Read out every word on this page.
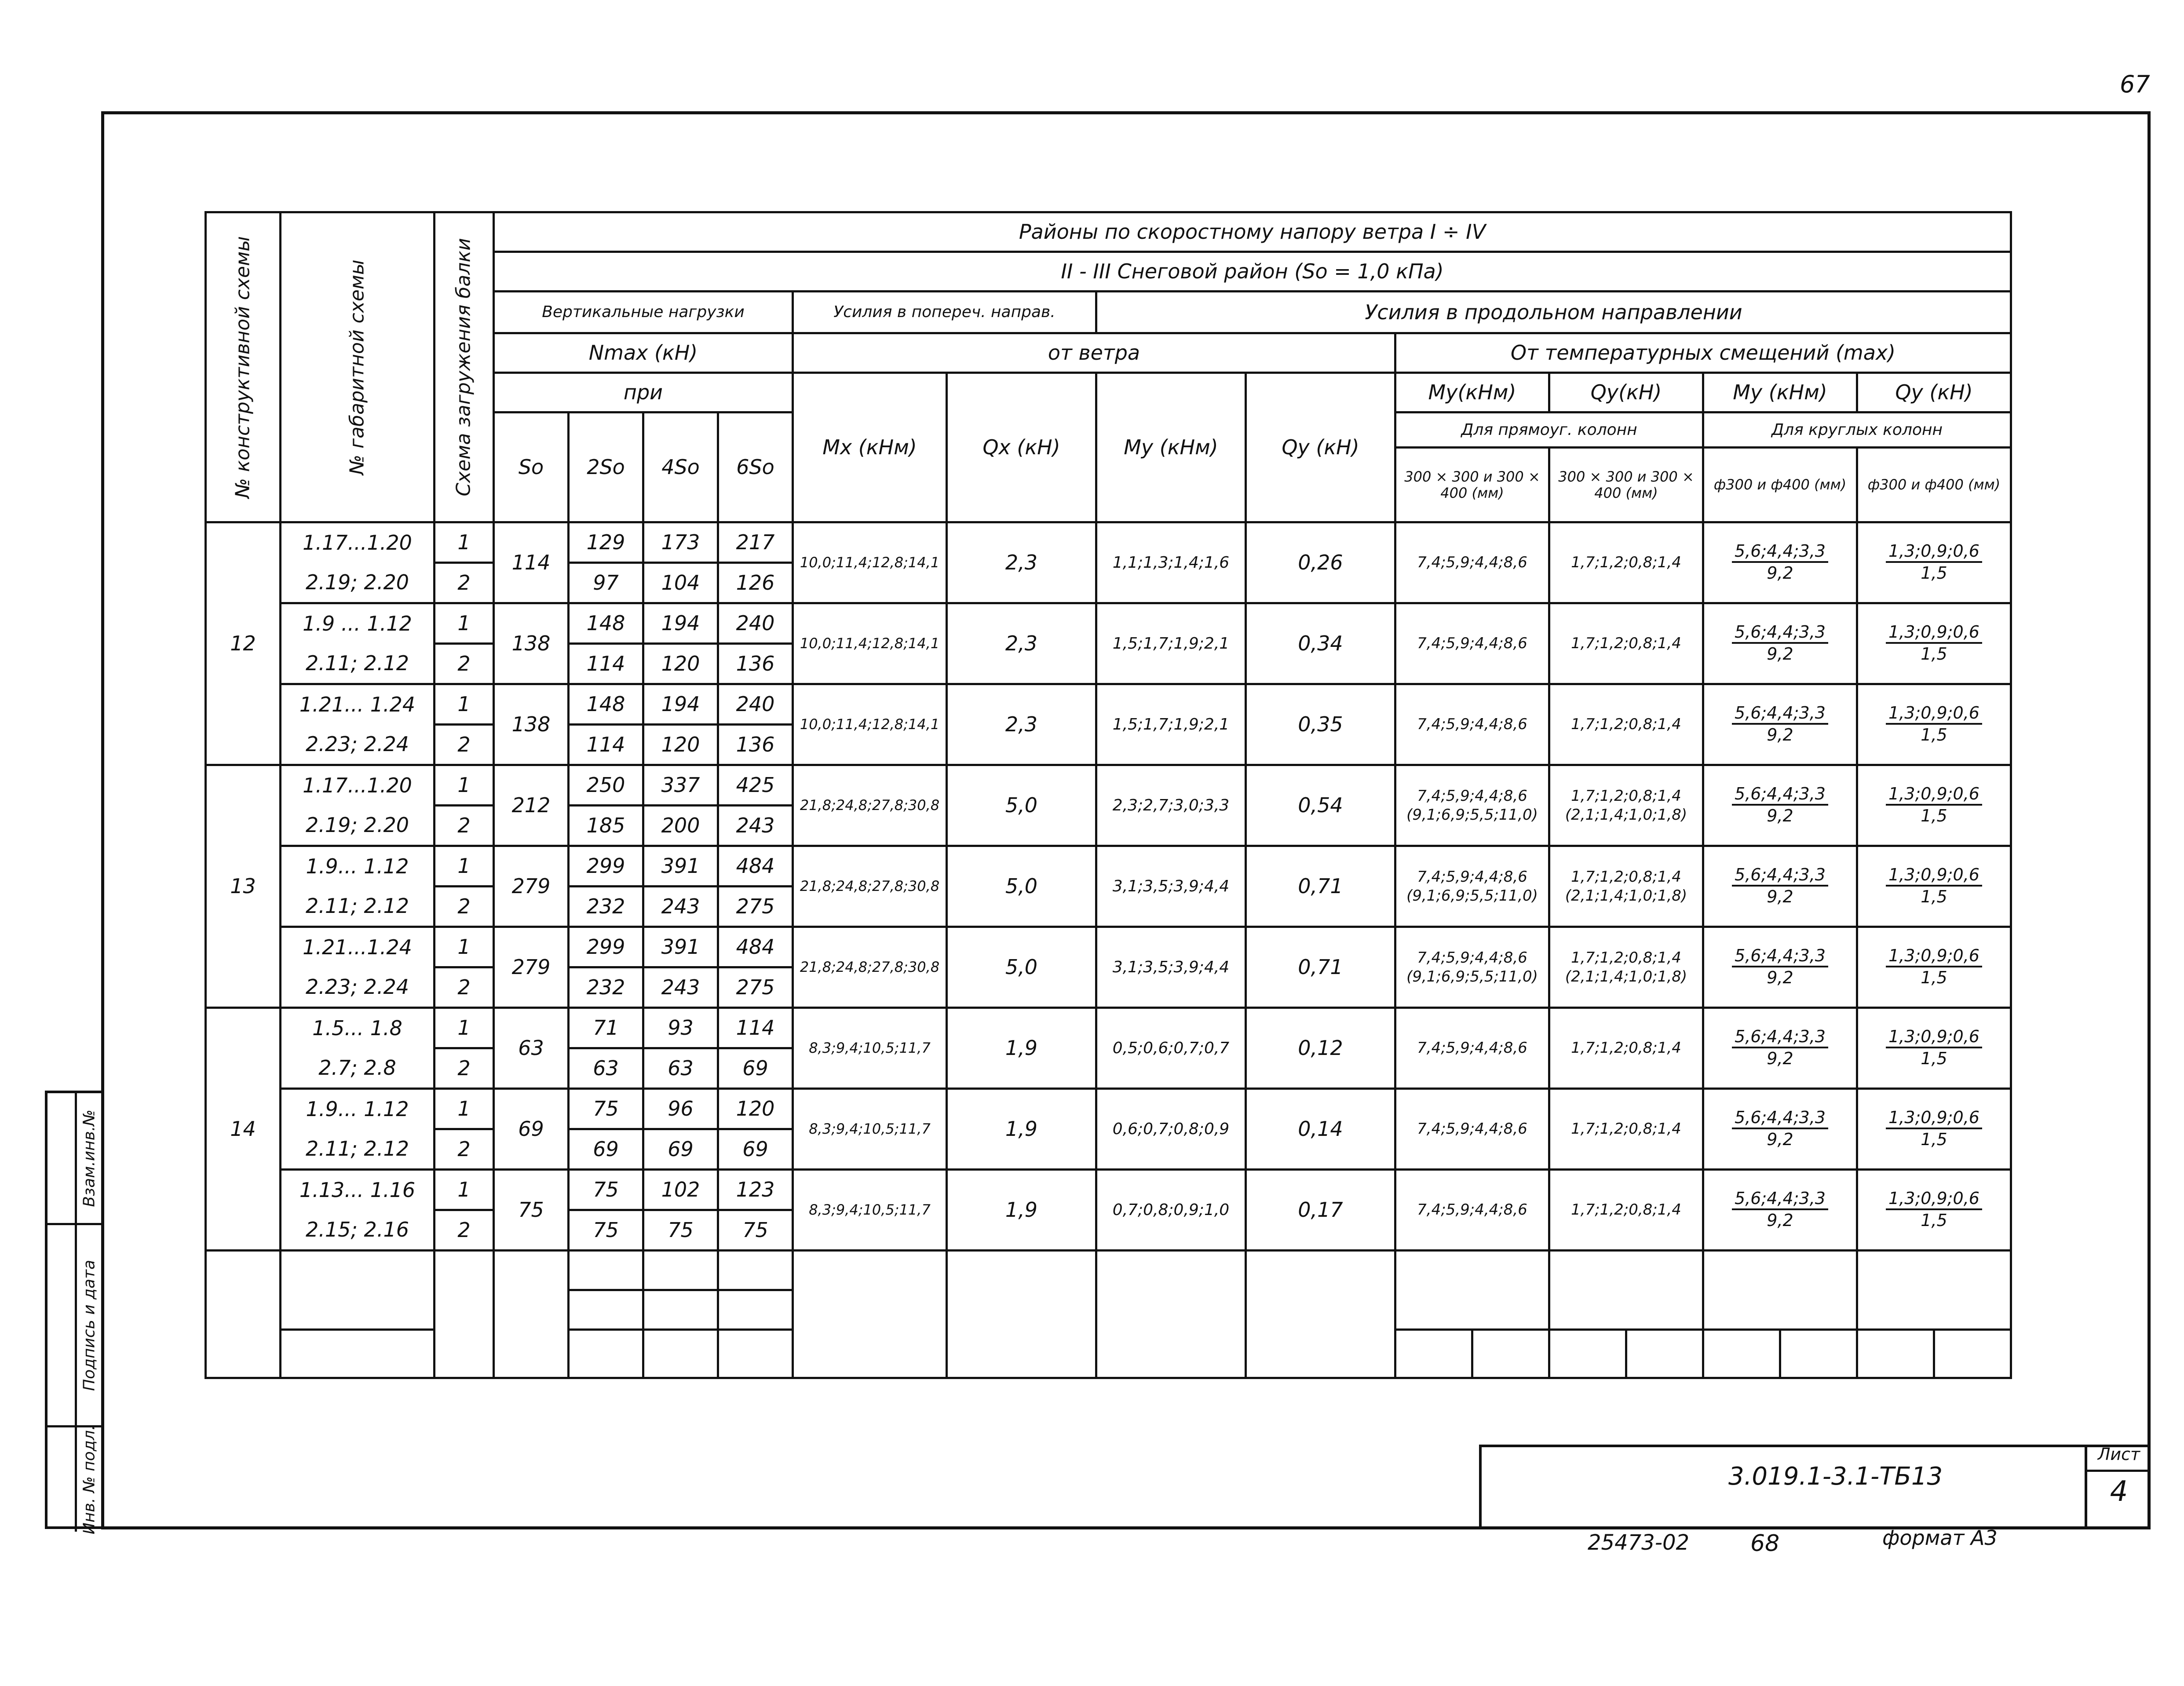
67
Взам.инв.№
Подпись и дата
Инв. № подл.
№ конструктивной схемы	№ габаритной схемы	Схема загружения балки	Районы по скоростному напору ветра I ÷ IV															
			II - III Снеговой район (Sо = 1,0 кПа)															
			Вертикальные нагрузки				Усилия в попереч. направ.		Усилия в продольном направлении									
			Nmax (кН)				от ветра				От температурных смещений (max)							
			при				Mx (кНм)	Qx (кН)	My (кНм)	Qy (кН)	My(кНм)		Qy(кН)		My (кНм)		Qy (кН)	
			Sо	2Sо	4Sо	6Sо					Для прямоуг. колонн				Для круглых колонн			
											300 × 300 и 300 × 400 (мм)		300 × 300 и 300 × 400 (мм)		ф300 и ф400 (мм)		ф300 и ф400 (мм)	

12	1.17...1.20	1	114	129	173	217	10,0;11,4;12,8;14,1	2,3	1,1;1,3;1,4;1,6	0,26	7,4;5,9;4,4;8,6		1,7;1,2;0,8;1,4		$\frac{5,6;4,4;3,3}{9,2}$		$\frac{1,3;0,9;0,6}{1,5}$

	2.19; 2.20	2		97	104	126												
	1.9 ... 1.12	1	138	148	194	240	10,0;11,4;12,8;14,1	2,3	1,5;1,7;1,9;2,1	0,34	7,4;5,9;4,4;8,6		1,7;1,2;0,8;1,4		$\frac{5,6;4,4;3,3}{9,2}$		$\frac{1,3;0,9;0,6}{1,5}$

	2.11; 2.12	2		114	120	136												
	1.21... 1.24	1	138	148	194	240	10,0;11,4;12,8;14,1	2,3	1,5;1,7;1,9;2,1	0,35	7,4;5,9;4,4;8,6		1,7;1,2;0,8;1,4		$\frac{5,6;4,4;3,3}{9,2}$		$\frac{1,3;0,9;0,6}{1,5}$

	2.23; 2.24	2		114	120	136												
13	1.17...1.20	1	212	250	337	425	21,8;24,8;27,8;30,8	5,0	2,3;2,7;3,0;3,3	0,54	7,4;5,9;4,4;8,6 (9,1;6,9;5,5;11,0)		1,7;1,2;0,8;1,4 (2,1;1,4;1,0;1,8)		$\frac{5,6;4,4;3,3}{9,2}$		$\frac{1,3;0,9;0,6}{1,5}$

	2.19; 2.20	2		185	200	243												
	1.9... 1.12	1	279	299	391	484	21,8;24,8;27,8;30,8	5,0	3,1;3,5;3,9;4,4	0,71	7,4;5,9;4,4;8,6 (9,1;6,9;5,5;11,0)		1,7;1,2;0,8;1,4 (2,1;1,4;1,0;1,8)		$\frac{5,6;4,4;3,3}{9,2}$		$\frac{1,3;0,9;0,6}{1,5}$

	2.11; 2.12	2		232	243	275												
	1.21...1.24	1	279	299	391	484	21,8;24,8;27,8;30,8	5,0	3,1;3,5;3,9;4,4	0,71	7,4;5,9;4,4;8,6 (9,1;6,9;5,5;11,0)		1,7;1,2;0,8;1,4 (2,1;1,4;1,0;1,8)		$\frac{5,6;4,4;3,3}{9,2}$		$\frac{1,3;0,9;0,6}{1,5}$

	2.23; 2.24	2		232	243	275												
14	1.5... 1.8	1	63	71	93	114	8,3;9,4;10,5;11,7	1,9	0,5;0,6;0,7;0,7	0,12	7,4;5,9;4,4;8,6		1,7;1,2;0,8;1,4		$\frac{5,6;4,4;3,3}{9,2}$		$\frac{1,3;0,9;0,6}{1,5}$

	2.7; 2.8	2		63	63	69												
	1.9... 1.12	1	69	75	96	120	8,3;9,4;10,5;11,7	1,9	0,6;0,7;0,8;0,9	0,14	7,4;5,9;4,4;8,6		1,7;1,2;0,8;1,4		$\frac{5,6;4,4;3,3}{9,2}$		$\frac{1,3;0,9;0,6}{1,5}$

	2.11; 2.12	2		69	69	69												
	1.13... 1.16	1	75	75	102	123	8,3;9,4;10,5;11,7	1,9	0,7;0,8;0,9;1,0	0,17	7,4;5,9;4,4;8,6		1,7;1,2;0,8;1,4		$\frac{5,6;4,4;3,3}{9,2}$		$\frac{1,3;0,9;0,6}{1,5}$

	2.15; 2.16	2		75	75	75												

3.019.1-3.1-ТБ13
Лист
4
25473-02	68	формат А3
